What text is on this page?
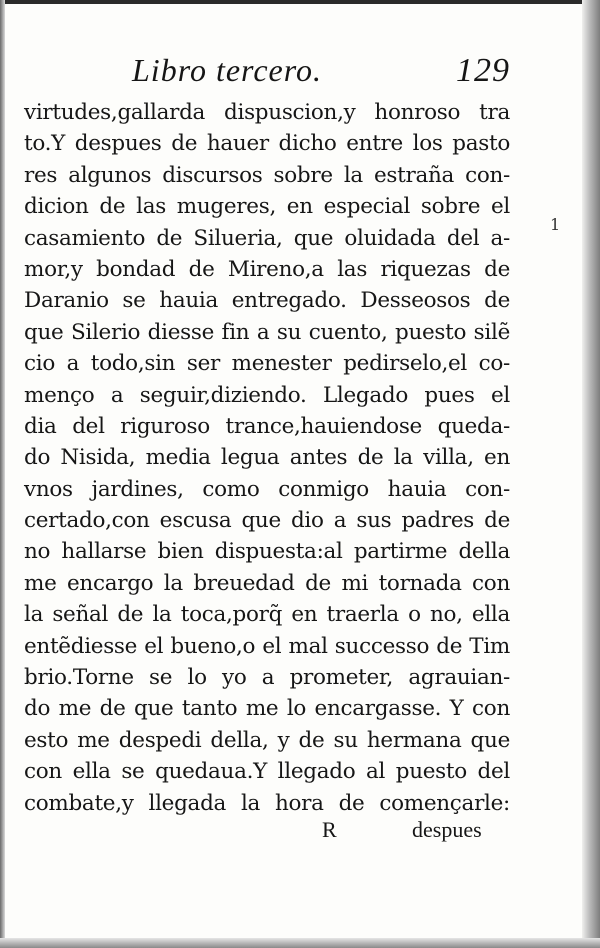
Libro tercero.	129
1
virtudes,gallarda dispuscion,y honroso tra
to.Y despues de hauer dicho entre los pasto
res algunos discursos sobre la estraña con-
dicion de las mugeres, en especial sobre el
casamiento de Silueria, que oluidada del a-
mor,y bondad de Mireno,a las riquezas de
Daranio se hauia entregado. Desseosos de
que Silerio diesse fin a su cuento, puesto silẽ
cio a todo,sin ser menester pedirselo,el co-
mençο a seguir,diziendo. Llegado pues el
dia del riguroso trance,hauiendose queda-
do Nisida, media legua antes de la villa, en
vnos jardines, como conmigo hauia con-
certado,con escusa que dio a sus padres de
no hallarse bien dispuesta:al partirme della
me encargo la breuedad de mi tornada con
la señal de la toca,porq̃ en traerla o no, ella
entẽdiesse el bueno,o el mal successo de Tim
brio.Torne se lo yo a prometer, agrauian-
do me de que tanto me lo encargasse. Y con
esto me despedi della, y de su hermana que
con ella se quedaua.Y llegado al puesto del
combate,y llegada la hora de començarle:
R	despues
